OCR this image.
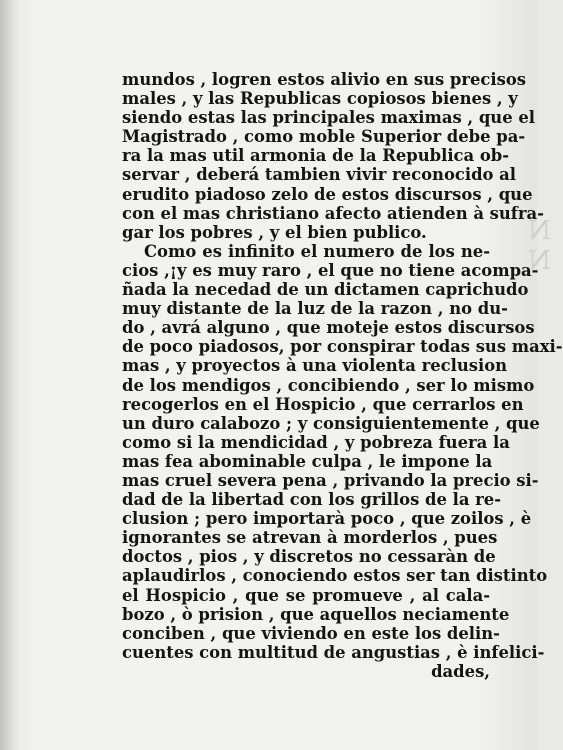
N
N
mundos , logren estos alivio en sus precisos
males , y las Republicas copiosos bienes , y
siendo estas las principales maximas , que el
Magistrado , como moble Superior debe pa-
ra la mas util armonia de la Republica ob-
servar , deberá tambien vivir reconocido al
erudito piadoso zelo de estos discursos , que
con el mas christiano afecto atienden à sufra-
gar los pobres , y el bien publico.
Como es infinito el numero de los ne-
cios ,¡y es muy raro , el que no tiene acompa-
ñada la necedad de un dictamen caprichudo
muy distante de la luz de la razon , no du-
do , avrá alguno , que moteje estos discursos
de poco piadosos, por conspirar todas sus maxi-
mas , y proyectos à una violenta reclusion
de los mendigos , concibiendo , ser lo mismo
recogerlos en el Hospicio , que cerrarlos en
un duro calabozo ; y consiguientemente , que
como si la mendicidad , y pobreza fuera la
mas fea abominable culpa , le impone la
mas cruel severa pena , privando la precio si-
dad de la libertad con los grillos de la re-
clusion ; pero importarà poco , que zoilos , è
ignorantes se atrevan à morderlos , pues
doctos , pios , y discretos no cessaràn de
aplaudirlos , conociendo estos ser tan distinto
el Hospicio , que se promueve , al cala-
bozo , ò prision , que aquellos neciamente
conciben , que viviendo en este los delin-
cuentes con multitud de angustias , è infelici-
dades,
